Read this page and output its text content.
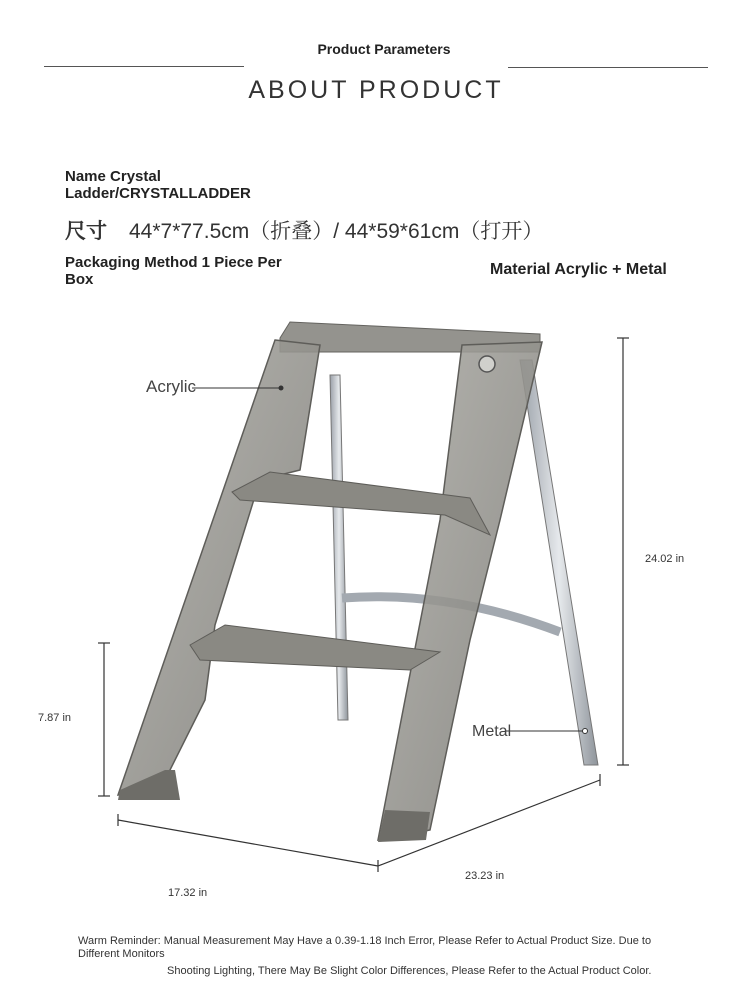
Product Parameters
ABOUT PRODUCT
Name Crystal Ladder/CRYSTALLADDER
尺寸 44*7*77.5cm（折叠）/ 44*59*61cm（打开）
Packaging Method 1 Piece Per Box
Material Acrylic + Metal
Acrylic
Metal
24.02 in
7.87 in
17.32 in
23.23 in
Warm Reminder: Manual Measurement May Have a 0.39-1.18 Inch Error, Please Refer to Actual Product Size. Due to Different Monitors
Shooting Lighting, There May Be Slight Color Differences, Please Refer to the Actual Product Color.
